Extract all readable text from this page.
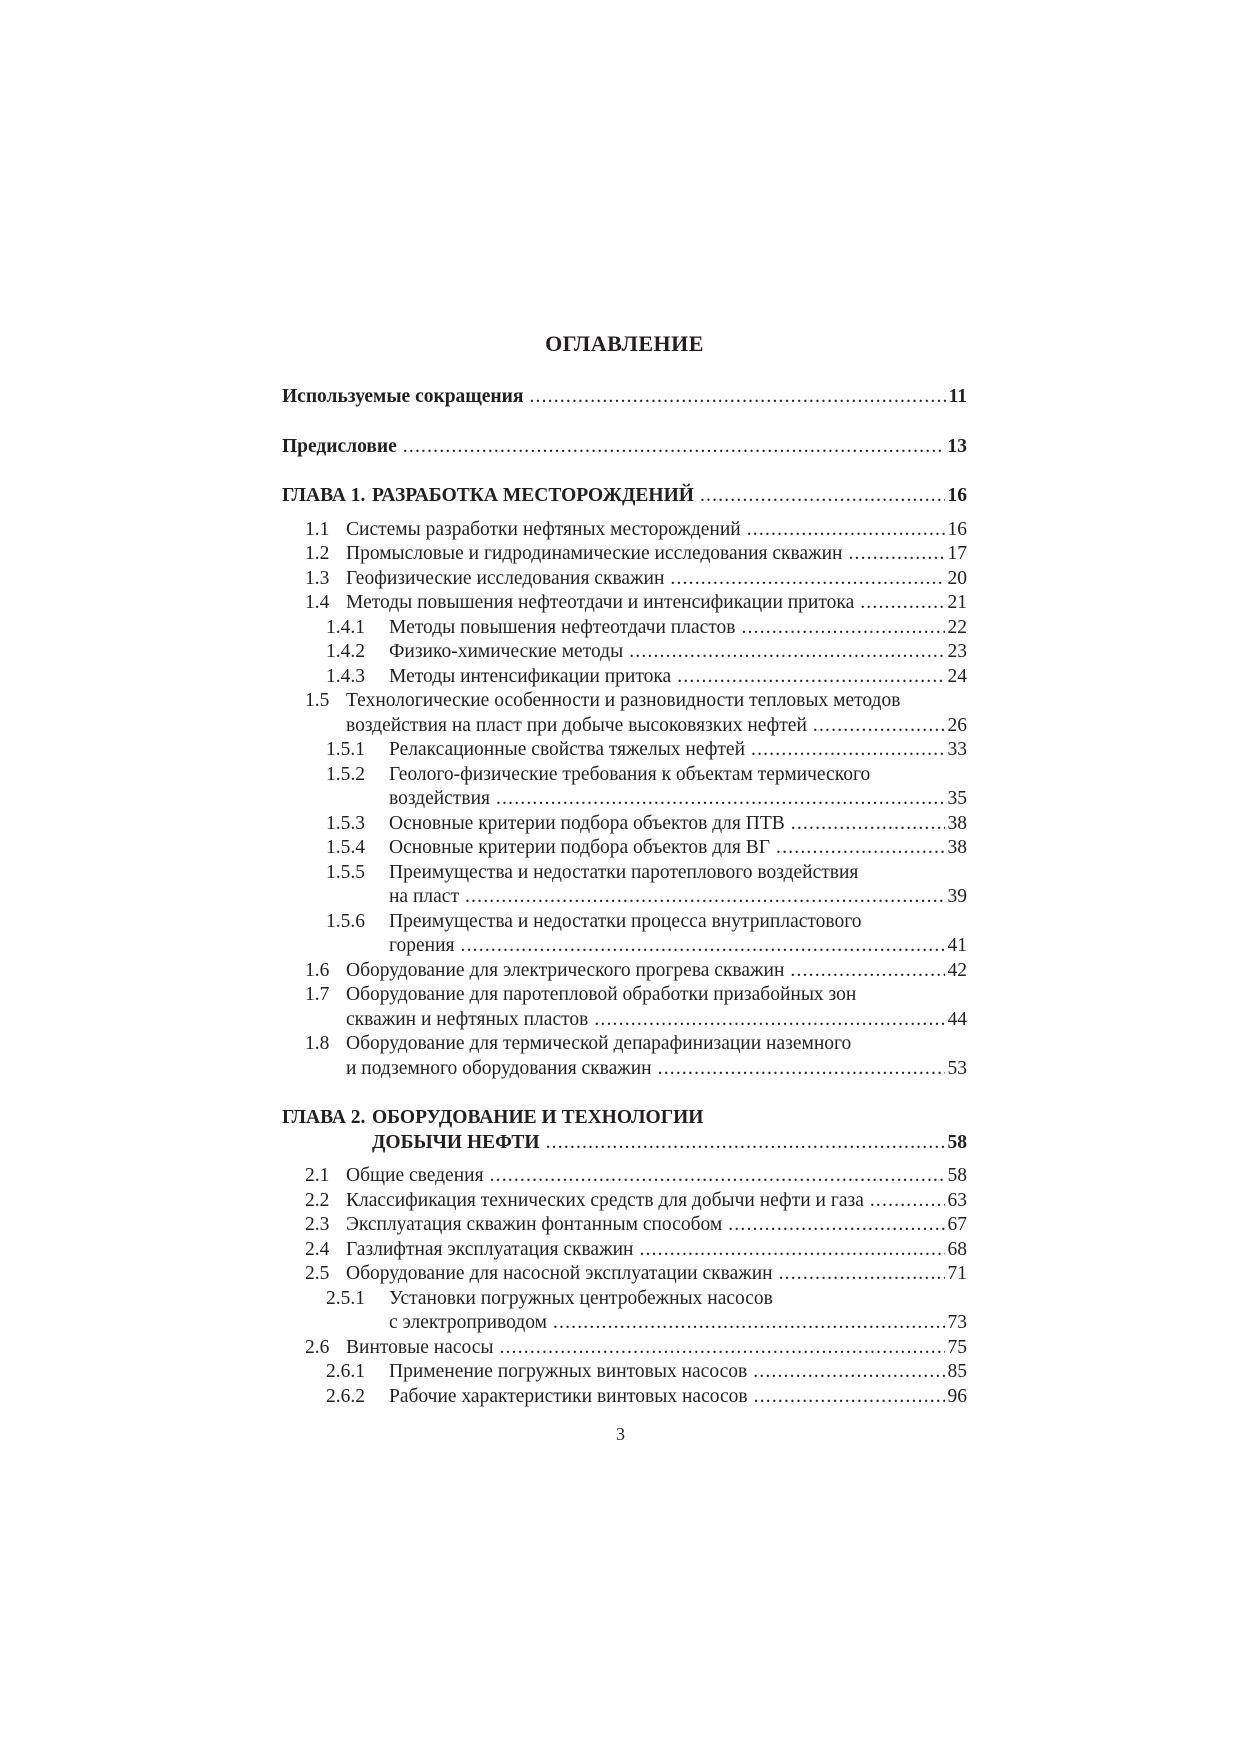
ОГЛАВЛЕНИЕ
Используемые сокращения .....	11
Предисловие .....	13
ГЛАВА 1. РАЗРАБОТКА МЕСТОРОЖДЕНИЙ .....	16
1.1 Системы разработки нефтяных месторождений .....	16
1.2 Промысловые и гидродинамические исследования скважин .....	17
1.3 Геофизические исследования скважин .....	20
1.4 Методы повышения нефтеотдачи и интенсификации притока .....	21
1.4.1 Методы повышения нефтеотдачи пластов .....	22
1.4.2 Физико-химические методы .....	23
1.4.3 Методы интенсификации притока .....	24
1.5 Технологические особенности и разновидности тепловых методов
воздействия на пласт при добыче высоковязких нефтей .....	26
1.5.1 Релаксационные свойства тяжелых нефтей .....	33
1.5.2 Геолого-физические требования к объектам термического
воздействия .....	35
1.5.3 Основные критерии подбора объектов для ПТВ .....	38
1.5.4 Основные критерии подбора объектов для ВГ .....	38
1.5.5 Преимущества и недостатки паротеплового воздействия
на пласт .....	39
1.5.6 Преимущества и недостатки процесса внутрипластового
горения .....	41
1.6 Оборудование для электрического прогрева скважин .....	42
1.7 Оборудование для паротепловой обработки призабойных зон
скважин и нефтяных пластов .....	44
1.8 Оборудование для термической депарафинизации наземного
и подземного оборудования скважин .....	53
ГЛАВА 2. ОБОРУДОВАНИЕ И ТЕХНОЛОГИИ
ДОБЫЧИ НЕФТИ .....	58
2.1 Общие сведения .....	58
2.2 Классификация технических средств для добычи нефти и газа .....	63
2.3 Эксплуатация скважин фонтанным способом .....	67
2.4 Газлифтная эксплуатация скважин .....	68
2.5 Оборудование для насосной эксплуатации скважин .....	71
2.5.1 Установки погружных центробежных насосов
с электроприводом .....	73
2.6 Винтовые насосы .....	75
2.6.1 Применение погружных винтовых насосов .....	85
2.6.2 Рабочие характеристики винтовых насосов .....	96
3
